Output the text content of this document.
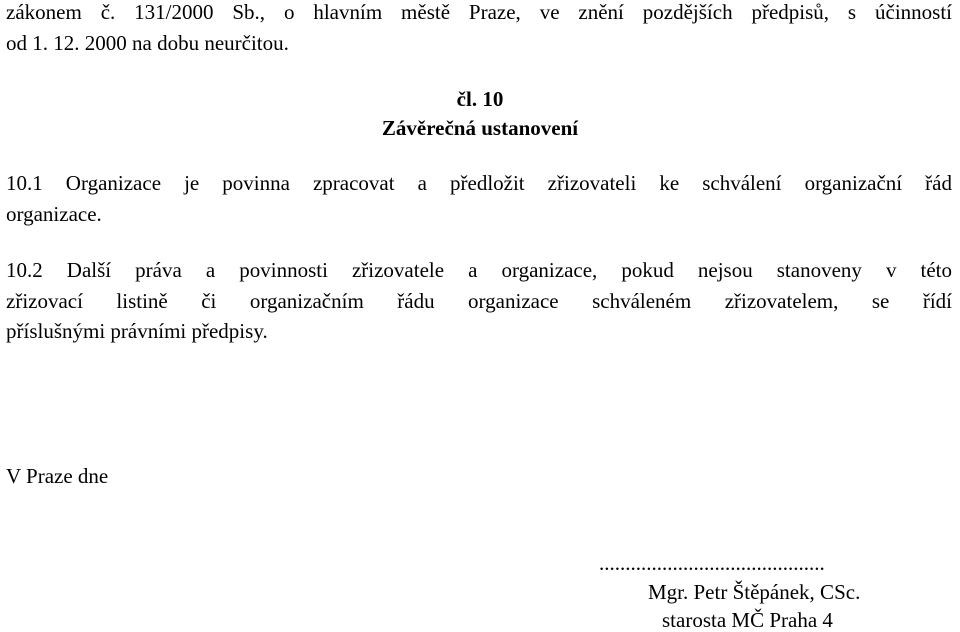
zákonem č. 131/2000 Sb., o hlavním městě Praze, ve znění pozdějších předpisů, s účinností
od 1. 12. 2000 na dobu neurčitou.
čl. 10
Závěrečná ustanovení
10.1 Organizace je povinna zpracovat a předložit zřizovateli ke schválení organizační řád
organizace.
10.2 Další práva a povinnosti zřizovatele a organizace, pokud nejsou stanoveny v této
zřizovací listině či organizačním řádu organizace schváleném zřizovatelem, se řídí
příslušnými právními předpisy.
V Praze dne
...........................................
Mgr. Petr Štěpánek, CSc.
starosta MČ Praha 4
